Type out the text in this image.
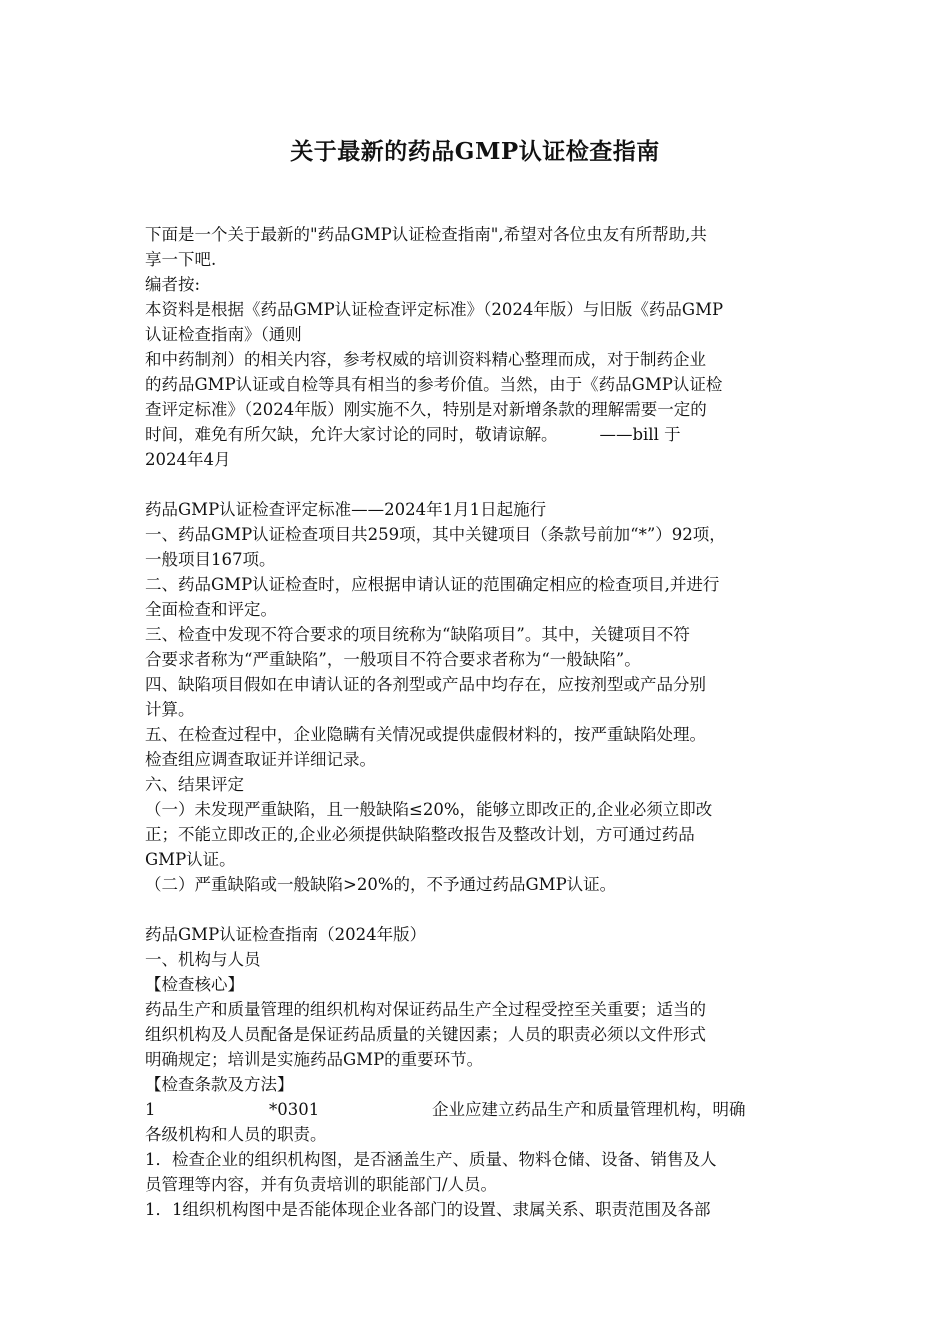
关于最新的药品GMP认证检查指南
下面是一个关于最新的"药品GMP认证检查指南",希望对各位虫友有所帮助,共
享一下吧.
编者按:
本资料是根据《药品GMP认证检查评定标准》（2024年版）与旧版《药品GMP
认证检查指南》（通则
和中药制剂）的相关内容，参考权威的培训资料精心整理而成，对于制药企业
的药品GMP认证或自检等具有相当的参考价值。当然，由于《药品GMP认证检
查评定标准》（2024年版）刚实施不久，特别是对新增条款的理解需要一定的
时间，难免有所欠缺，允许大家讨论的同时，敬请谅解。        ——bill 于
2024年4月
药品GMP认证检查评定标准——2024年1月1日起施行
一、药品GMP认证检查项目共259项，其中关键项目（条款号前加“*”）92项，
一般项目167项。
二、药品GMP认证检查时，应根据申请认证的范围确定相应的检查项目,并进行
全面检查和评定。
三、检查中发现不符合要求的项目统称为“缺陷项目”。其中，关键项目不符
合要求者称为“严重缺陷”，一般项目不符合要求者称为“一般缺陷”。
四、缺陷项目假如在申请认证的各剂型或产品中均存在，应按剂型或产品分别
计算。
五、在检查过程中，企业隐瞒有关情况或提供虚假材料的，按严重缺陷处理。
检查组应调查取证并详细记录。
六、结果评定
（一）未发现严重缺陷，且一般缺陷≤20%，能够立即改正的,企业必须立即改
正；不能立即改正的,企业必须提供缺陷整改报告及整改计划，方可通过药品
GMP认证。
（二）严重缺陷或一般缺陷>20%的，不予通过药品GMP认证。
药品GMP认证检查指南（2024年版）
一、机构与人员
【检查核心】
药品生产和质量管理的组织机构对保证药品生产全过程受控至关重要；适当的
组织机构及人员配备是保证药品质量的关键因素；人员的职责必须以文件形式
明确规定；培训是实施药品GMP的重要环节。
【检查条款及方法】
1	*0301	企业应建立药品生产和质量管理机构，明确
各级机构和人员的职责。
1．检查企业的组织机构图，是否涵盖生产、质量、物料仓储、设备、销售及人
员管理等内容，并有负责培训的职能部门/人员。
1．1组织机构图中是否能体现企业各部门的设置、隶属关系、职责范围及各部
